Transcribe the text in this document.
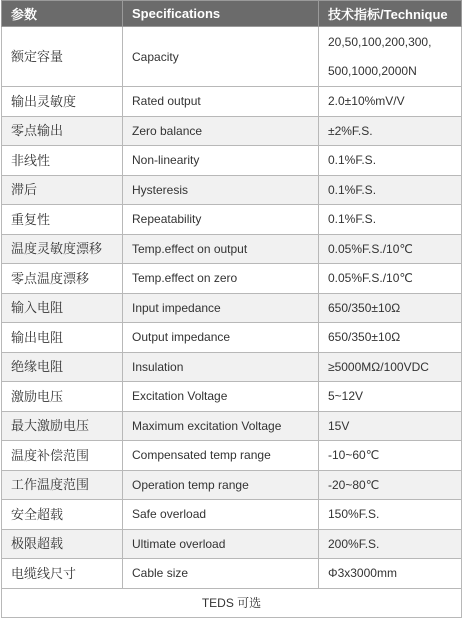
参数	Specifications	技术指标/Technique
额定容量	Capacity	20,50,100,200,300,
500,1000,2000N

输出灵敏度	Rated output	2.0±10%mV/V
零点输出	Zero balance	±2%F.S.
非线性	Non-linearity	0.1%F.S.
滞后	Hysteresis	0.1%F.S.
重复性	Repeatability	0.1%F.S.
温度灵敏度漂移	Temp.effect on output	0.05%F.S./10℃
零点温度漂移	Temp.effect on zero	0.05%F.S./10℃
输入电阻	Input impedance	650/350±10Ω
输出电阻	Output impedance	650/350±10Ω
绝缘电阻	Insulation	≥5000MΩ/100VDC
激励电压	Excitation Voltage	5~12V
最大激励电压	Maximum excitation Voltage	15V
温度补偿范围	Compensated temp range	-10~60℃
工作温度范围	Operation temp range	-20~80℃
安全超载	Safe overload	150%F.S.
极限超载	Ultimate overload	200%F.S.
电缆线尺寸	Cable size	Φ3x3000mm
TEDS 可选		
